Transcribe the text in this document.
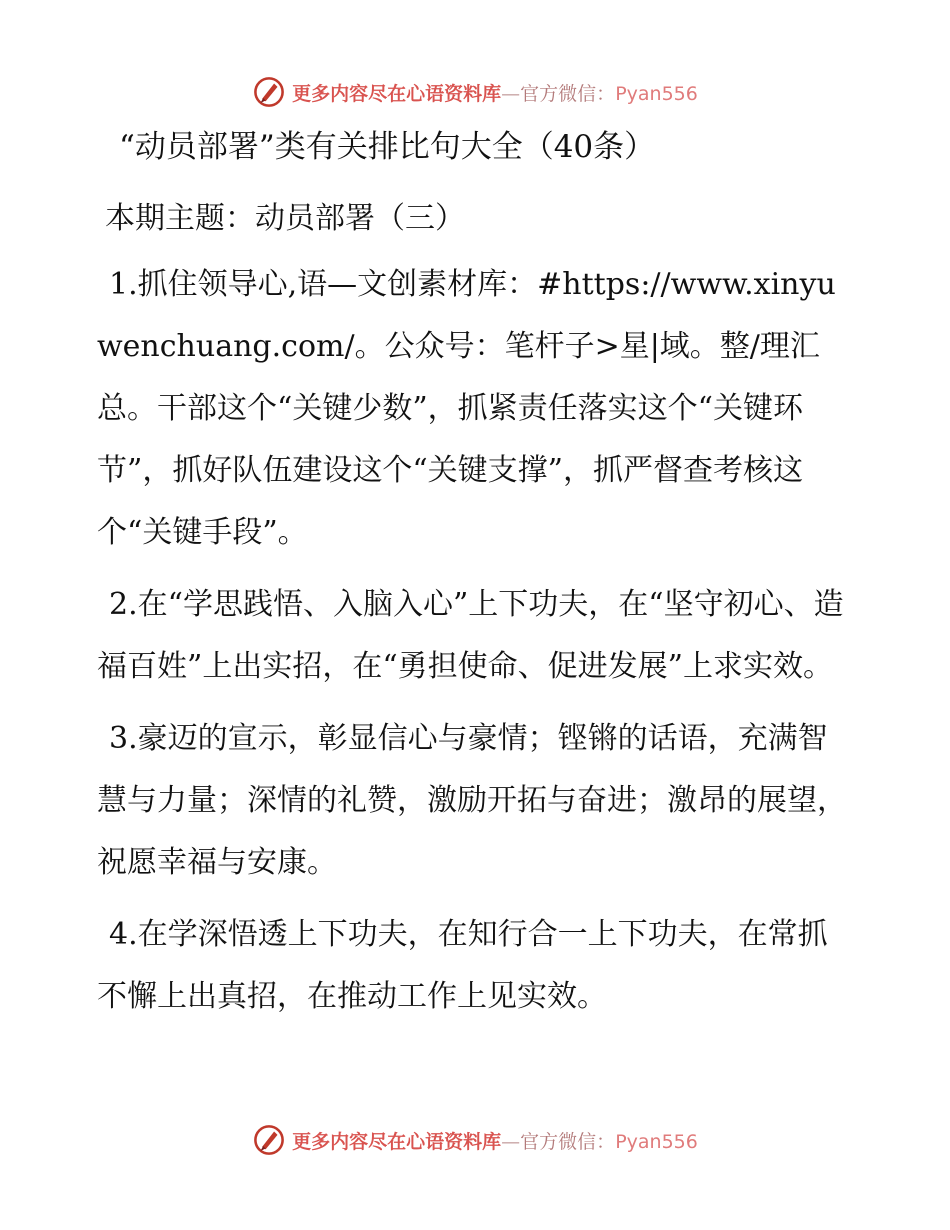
更多内容尽在心语资料库—官方微信：Pyan556
“动员部署”类有关排比句大全（40条）

本期主题：动员部署（三）

1.抓住领导心,语—文创素材库：#https://www.xinyuwenchuang.com/。公众号：笔杆子>星|域。整/理汇总。干部这个“关键少数”，抓紧责任落实这个“关键环节”，抓好队伍建设这个“关键支撑”，抓严督查考核这个“关键手段”。

2.在“学思践悟、入脑入心”上下功夫，在“坚守初心、造福百姓”上出实招，在“勇担使命、促进发展”上求实效。

3.豪迈的宣示，彰显信心与豪情；铿锵的话语，充满智慧与力量；深情的礼赞，激励开拓与奋进；激昂的展望，祝愿幸福与安康。

4.在学深悟透上下功夫，在知行合一上下功夫，在常抓不懈上出真招，在推动工作上见实效。

更多内容尽在心语资料库—官方微信：Pyan556
